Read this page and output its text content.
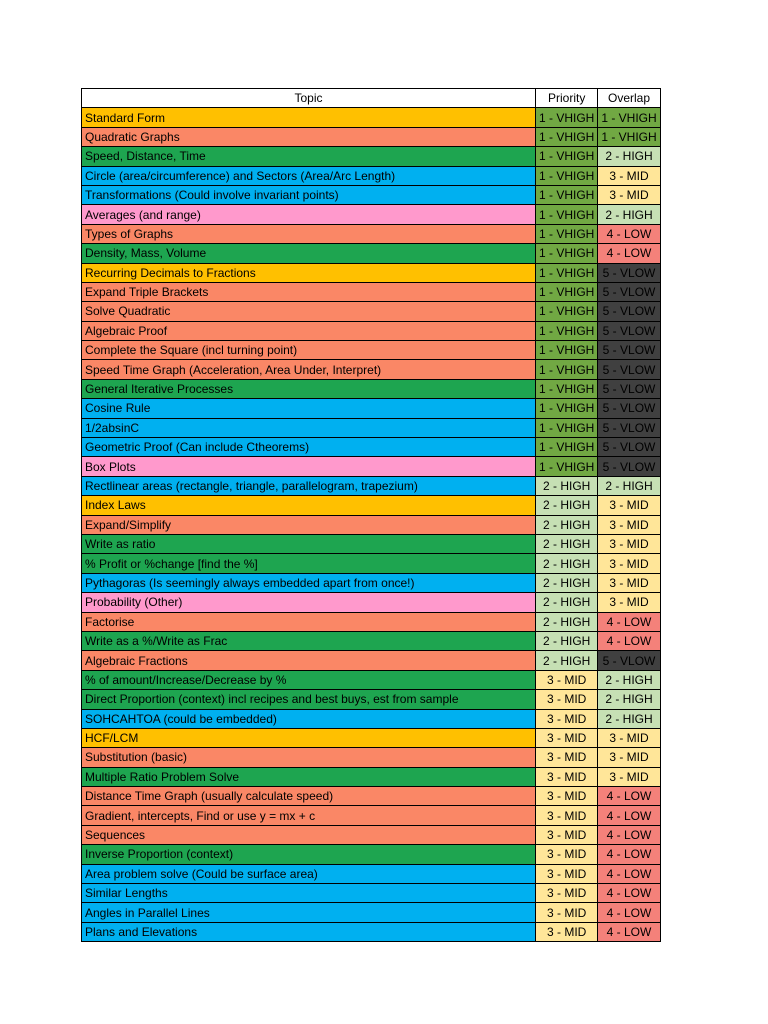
Topic	Priority	Overlap
Standard Form	1 - VHIGH	1 - VHIGH
Quadratic Graphs	1 - VHIGH	1 - VHIGH
Speed, Distance, Time	1 - VHIGH	2 - HIGH
Circle (area/circumference) and Sectors (Area/Arc Length)	1 - VHIGH	3 - MID
Transformations (Could involve invariant points)	1 - VHIGH	3 - MID
Averages (and range)	1 - VHIGH	2 - HIGH
Types of Graphs	1 - VHIGH	4 - LOW
Density, Mass, Volume	1 - VHIGH	4 - LOW
Recurring Decimals to Fractions	1 - VHIGH	5 - VLOW
Expand Triple Brackets	1 - VHIGH	5 - VLOW
Solve Quadratic	1 - VHIGH	5 - VLOW
Algebraic Proof	1 - VHIGH	5 - VLOW
Complete the Square (incl turning point)	1 - VHIGH	5 - VLOW
Speed Time Graph (Acceleration, Area Under, Interpret)	1 - VHIGH	5 - VLOW
General Iterative Processes	1 - VHIGH	5 - VLOW
Cosine Rule	1 - VHIGH	5 - VLOW
1/2absinC	1 - VHIGH	5 - VLOW
Geometric Proof (Can include Ctheorems)	1 - VHIGH	5 - VLOW
Box Plots	1 - VHIGH	5 - VLOW
Rectlinear areas (rectangle, triangle, parallelogram, trapezium)	2 - HIGH	2 - HIGH
Index Laws	2 - HIGH	3 - MID
Expand/Simplify	2 - HIGH	3 - MID
Write as ratio	2 - HIGH	3 - MID
% Profit or %change [find the %]	2 - HIGH	3 - MID
Pythagoras (Is seemingly always embedded apart from once!)	2 - HIGH	3 - MID
Probability (Other)	2 - HIGH	3 - MID
Factorise	2 - HIGH	4 - LOW
Write as a %/Write as Frac	2 - HIGH	4 - LOW
Algebraic Fractions	2 - HIGH	5 - VLOW
% of amount/Increase/Decrease by %	3 - MID	2 - HIGH
Direct Proportion (context) incl recipes and best buys, est from sample	3 - MID	2 - HIGH
SOHCAHTOA (could be embedded)	3 - MID	2 - HIGH
HCF/LCM	3 - MID	3 - MID
Substitution (basic)	3 - MID	3 - MID
Multiple Ratio Problem Solve	3 - MID	3 - MID
Distance Time Graph (usually calculate speed)	3 - MID	4 - LOW
Gradient, intercepts, Find or use y = mx + c	3 - MID	4 - LOW
Sequences	3 - MID	4 - LOW
Inverse Proportion (context)	3 - MID	4 - LOW
Area problem solve (Could be surface area)	3 - MID	4 - LOW
Similar Lengths	3 - MID	4 - LOW
Angles in Parallel Lines	3 - MID	4 - LOW
Plans and Elevations	3 - MID	4 - LOW
